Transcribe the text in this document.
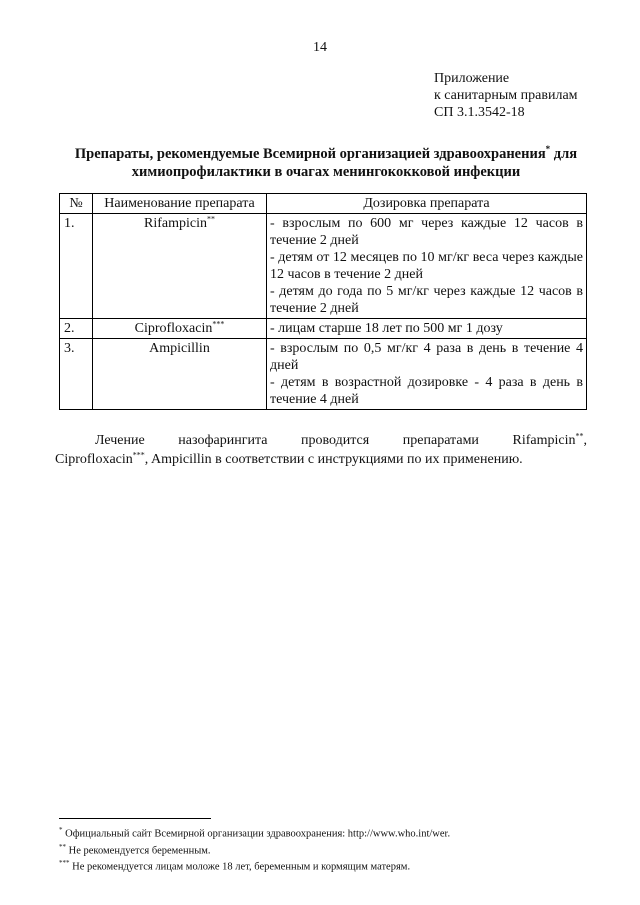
14
Приложение
к санитарным правилам
СП 3.1.3542-18
Препараты, рекомендуемые Всемирной организацией здравоохранения* для
химиопрофилактики в очагах менингококковой инфекции
№	Наименование препарата	Дозировка препарата
1.	Rifampicin**	- взрослым по 600 мг через каждые 12 часов в течение 2 дней
- детям от 12 месяцев по 10 мг/кг веса через каждые 12 часов в течение 2 дней
- детям до года по 5 мг/кг через каждые 12 часов в течение 2 дней

2.	Ciprofloxacin***	- лицам старше 18 лет по 500 мг 1 дозу

3.	Ampicillin	- взрослым по 0,5 мг/кг 4 раза в день в течение 4 дней
- детям в возрастной дозировке - 4 раза в день в течение 4 дней
Лечение назофарингита проводится препаратами Rifampicin**,
Ciprofloxacin***, Ampicillin в соответствии с инструкциями по их применению.
* Официальный сайт Всемирной организации здравоохранения: http://www.who.int/wer.
** Не рекомендуется беременным.
*** Не рекомендуется лицам моложе 18 лет, беременным и кормящим матерям.
